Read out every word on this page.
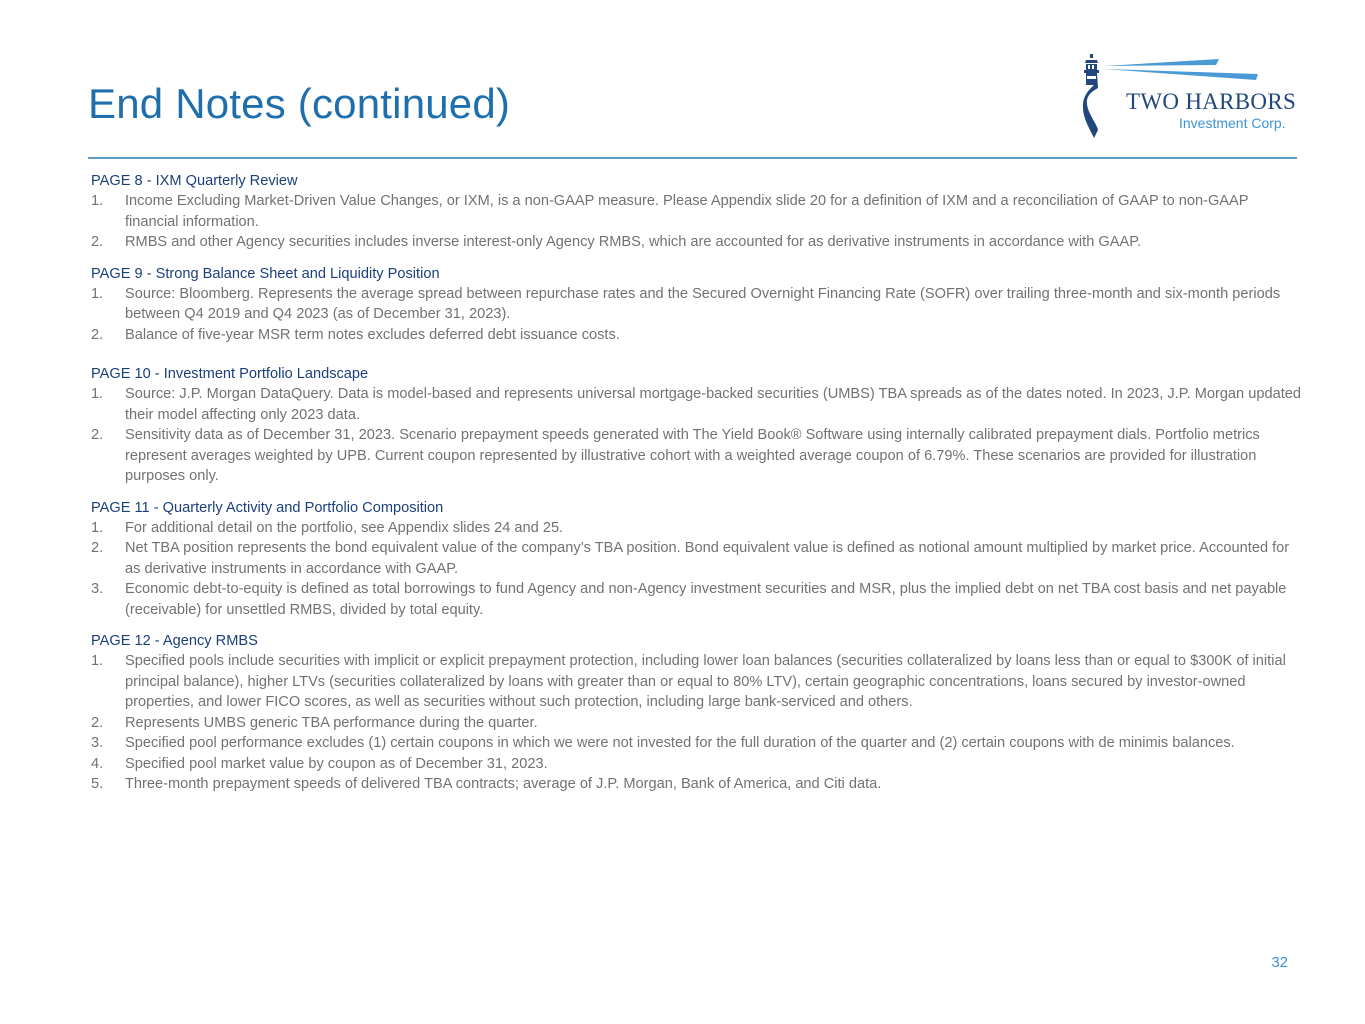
End Notes (continued)	TWO HARBORS
Investment Corp.

PAGE 8 - IXM Quarterly Review

1. Income Excluding Market-Driven Value Changes, or IXM, is a non-GAAP measure. Please Appendix slide 20 for a definition of IXM and a reconciliation of GAAP to non-GAAP financial information.
2. RMBS and other Agency securities includes inverse interest-only Agency RMBS, which are accounted for as derivative instruments in accordance with GAAP.

PAGE 9 - Strong Balance Sheet and Liquidity Position

1. Source: Bloomberg. Represents the average spread between repurchase rates and the Secured Overnight Financing Rate (SOFR) over trailing three-month and six-month periods between Q4 2019 and Q4 2023 (as of December 31, 2023).
2. Balance of five-year MSR term notes excludes deferred debt issuance costs.

PAGE 10 - Investment Portfolio Landscape

1. Source: J.P. Morgan DataQuery. Data is model-based and represents universal mortgage-backed securities (UMBS) TBA spreads as of the dates noted. In 2023, J.P. Morgan updated their model affecting only 2023 data.
2. Sensitivity data as of December 31, 2023. Scenario prepayment speeds generated with The Yield Book® Software using internally calibrated prepayment dials. Portfolio metrics represent averages weighted by UPB. Current coupon represented by illustrative cohort with a weighted average coupon of 6.79%. These scenarios are provided for illustration purposes only.

PAGE 11 - Quarterly Activity and Portfolio Composition

1. For additional detail on the portfolio, see Appendix slides 24 and 25.
2. Net TBA position represents the bond equivalent value of the company’s TBA position. Bond equivalent value is defined as notional amount multiplied by market price. Accounted for as derivative instruments in accordance with GAAP.
3. Economic debt-to-equity is defined as total borrowings to fund Agency and non-Agency investment securities and MSR, plus the implied debt on net TBA cost basis and net payable (receivable) for unsettled RMBS, divided by total equity.

PAGE 12 - Agency RMBS

1. Specified pools include securities with implicit or explicit prepayment protection, including lower loan balances (securities collateralized by loans less than or equal to $300K of initial principal balance), higher LTVs (securities collateralized by loans with greater than or equal to 80% LTV), certain geographic concentrations, loans secured by investor-owned properties, and lower FICO scores, as well as securities without such protection, including large bank-serviced and others.
2. Represents UMBS generic TBA performance during the quarter.
3. Specified pool performance excludes (1) certain coupons in which we were not invested for the full duration of the quarter and (2) certain coupons with de minimis balances.
4. Specified pool market value by coupon as of December 31, 2023.
5. Three-month prepayment speeds of delivered TBA contracts; average of J.P. Morgan, Bank of America, and Citi data.
32
